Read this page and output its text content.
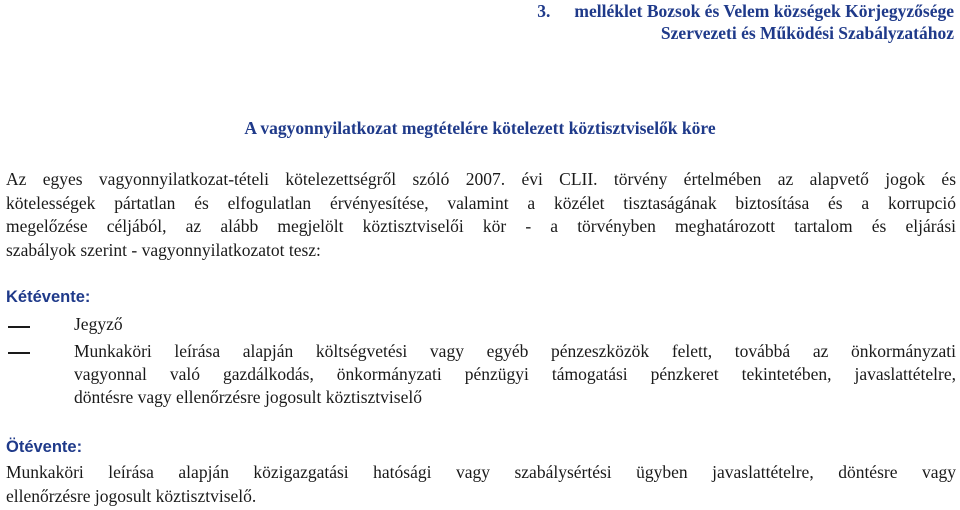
3. melléklet Bozsok és Velem községek Körjegyzősége
Szervezeti és Működési Szabályzatához
A vagyonnyilatkozat megtételére kötelezett köztisztviselők köre
Az egyes vagyonnyilatkozat-tételi kötelezettségről szóló 2007. évi CLII. törvény értelmében az alapvető jogok és
kötelességek pártatlan és elfogulatlan érvényesítése, valamint a közélet tisztaságának biztosítása és a korrupció
megelőzése céljából, az alább megjelölt köztisztviselői kör - a törvényben meghatározott tartalom és eljárási
szabályok szerint - vagyonnyilatkozatot tesz:
Kétévente:
Jegyző
Munkaköri leírása alapján költségvetési vagy egyéb pénzeszközök felett, továbbá az önkormányzati
vagyonnal való gazdálkodás, önkormányzati pénzügyi támogatási pénzkeret tekintetében, javaslattételre,
döntésre vagy ellenőrzésre jogosult köztisztviselő
Ötévente:
Munkaköri leírása alapján közigazgatási hatósági vagy szabálysértési ügyben javaslattételre, döntésre vagy
ellenőrzésre jogosult köztisztviselő.
